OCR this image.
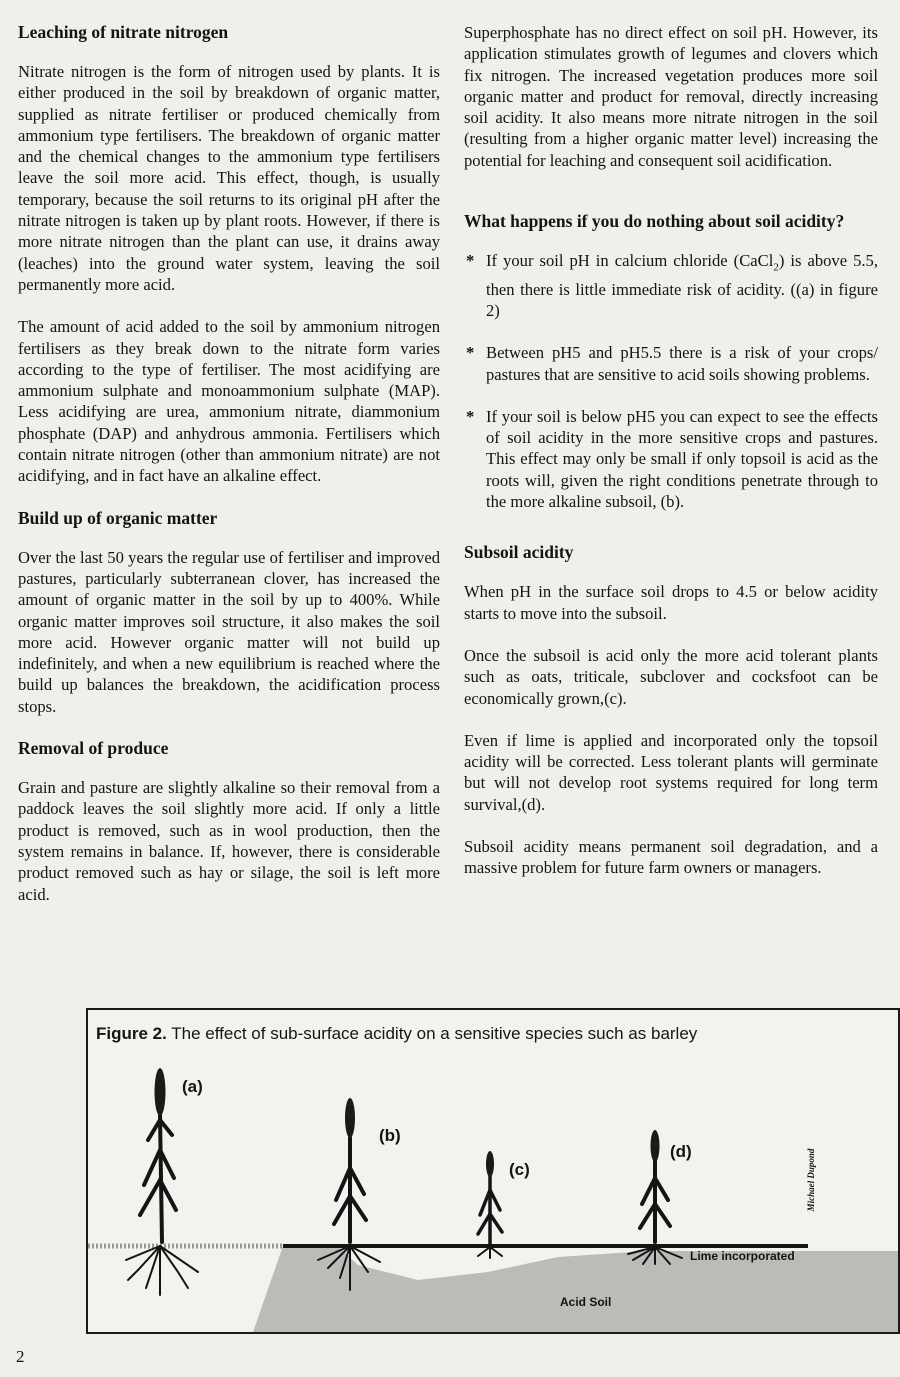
Leaching of nitrate nitrogen

Nitrate nitrogen is the form of nitrogen used by plants. It is either produced in the soil by breakdown of organic matter, supplied as nitrate fertiliser or produced chemically from ammonium type fertilisers. The breakdown of organic matter and the chemical changes to the ammonium type fertilisers leave the soil more acid. This effect, though, is usually temporary, because the soil returns to its original pH after the nitrate nitrogen is taken up by plant roots. However, if there is more nitrate nitrogen than the plant can use, it drains away (leaches) into the ground water system, leaving the soil permanently more acid.

The amount of acid added to the soil by ammonium nitrogen fertilisers as they break down to the nitrate form varies according to the type of fertiliser. The most acidifying are ammonium sulphate and monoammonium sulphate (MAP). Less acidifying are urea, ammonium nitrate, diammonium phosphate (DAP) and anhydrous ammonia. Fertilisers which contain nitrate nitrogen (other than ammonium nitrate) are not acidifying, and in fact have an alkaline effect.

Build up of organic matter

Over the last 50 years the regular use of fertiliser and improved pastures, particularly subterranean clover, has increased the amount of organic matter in the soil by up to 400%. While organic matter improves soil structure, it also makes the soil more acid. However organic matter will not build up indefinitely, and when a new equilibrium is reached where the build up balances the breakdown, the acidification process stops.

Removal of produce

Grain and pasture are slightly alkaline so their removal from a paddock leaves the soil slightly more acid. If only a little product is removed, such as in wool production, then the system remains in balance. If, however, there is considerable product removed such as hay or silage, the soil is left more acid.

Superphosphate has no direct effect on soil pH. However, its application stimulates growth of legumes and clovers which fix nitrogen. The increased vegetation produces more soil organic matter and product for removal, directly increasing soil acidity. It also means more nitrate nitrogen in the soil (resulting from a higher organic matter level) increasing the potential for leaching and consequent soil acidification.

What happens if you do nothing about soil acidity?
* If your soil pH in calcium chloride (CaCl$_2$) is above 5.5, then there is little immediate risk of acidity. ((a) in figure 2)
* Between pH5 and pH5.5 there is a risk of your crops/ pastures that are sensitive to acid soils showing problems.
* If your soil is below pH5 you can expect to see the effects of soil acidity in the more sensitive crops and pastures. This effect may only be small if only topsoil is acid as the roots will, given the right conditions penetrate through to the more alkaline subsoil, (b).
Subsoil acidity

When pH in the surface soil drops to 4.5 or below acidity starts to move into the subsoil.

Once the subsoil is acid only the more acid tolerant plants such as oats, triticale, subclover and cocksfoot can be economically grown,(c).

Even if lime is applied and incorporated only the topsoil acidity will be corrected. Less tolerant plants will germinate but will not develop root systems required for long term survival,(d).

Subsoil acidity means permanent soil degradation, and a massive problem for future farm owners or managers.

Figure 2. The effect of sub-surface acidity on a sensitive species such as barley
(a)
(b)
(c)
(d)
Lime incorporated
Acid Soil
Michael Dupond
2
